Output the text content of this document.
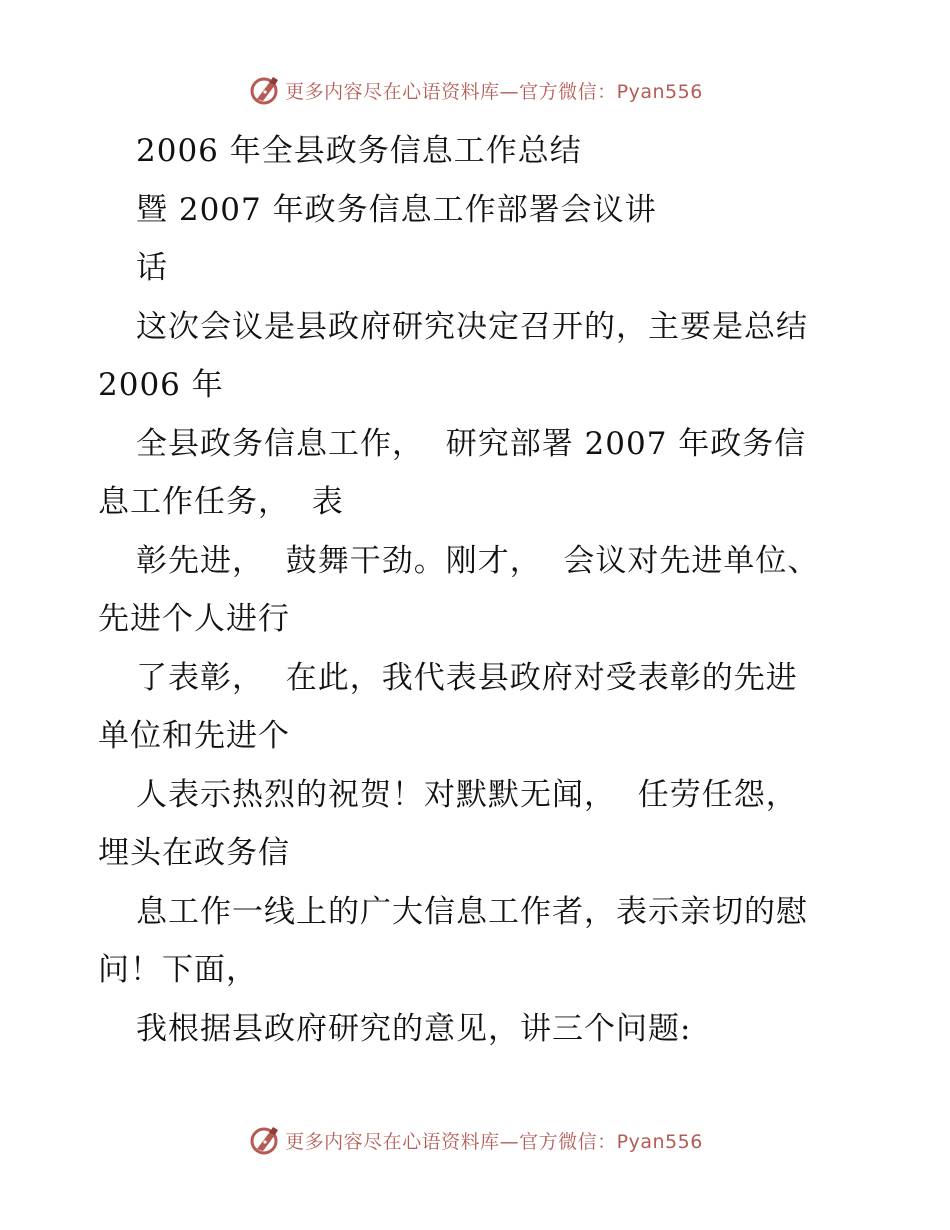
更多内容尽在心语资料库—官方微信：Pyan556
2006 年全县政务信息工作总结
暨 2007 年政务信息工作部署会议讲
话
这次会议是县政府研究决定召开的，主要是总结
2006 年
全县政务信息工作，  研究部署 2007 年政务信
息工作任务，  表
彰先进，  鼓舞干劲。刚才，  会议对先进单位、
先进个人进行
了表彰，  在此，我代表县政府对受表彰的先进
单位和先进个
人表示热烈的祝贺！对默默无闻，  任劳任怨，
埋头在政务信
息工作一线上的广大信息工作者，表示亲切的慰
问！下面，
我根据县政府研究的意见，讲三个问题:
更多内容尽在心语资料库—官方微信：Pyan556
